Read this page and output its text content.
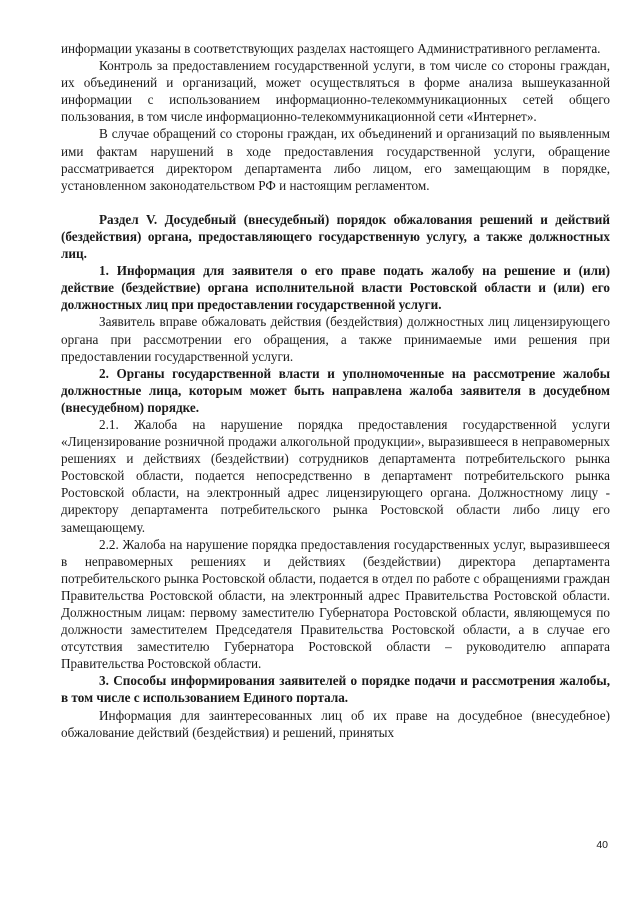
информации указаны в соответствующих разделах настоящего Административного регламента.

Контроль за предоставлением государственной услуги, в том числе со стороны граждан, их объединений и организаций, может осуществляться в форме анализа вышеуказанной информации с использованием информационно-телекоммуникационных сетей общего пользования, в том числе информационно-телекоммуникационной сети «Интернет».

В случае обращений со стороны граждан, их объединений и организаций по выявленным ими фактам нарушений в ходе предоставления государственной услуги, обращение рассматривается директором департамента либо лицом, его замещающим в порядке, установленном законодательством РФ и настоящим регламентом.

Раздел V. Досудебный (внесудебный) порядок обжалования решений и действий (бездействия) органа, предоставляющего государственную услугу, а также должностных лиц.

1. Информация для заявителя о его праве подать жалобу на решение и (или) действие (бездействие) органа исполнительной власти Ростовской области и (или) его должностных лиц при предоставлении государственной услуги.

Заявитель вправе обжаловать действия (бездействия) должностных лиц лицензирующего органа при рассмотрении его обращения, а также принимаемые ими решения при предоставлении государственной услуги.

2. Органы государственной власти и уполномоченные на рассмотрение жалобы должностные лица, которым может быть направлена жалоба заявителя в досудебном (внесудебном) порядке.

2.1. Жалоба на нарушение порядка предоставления государственной услуги «Лицензирование розничной продажи алкогольной продукции», выразившееся в неправомерных решениях и действиях (бездействии) сотрудников департамента потребительского рынка Ростовской области, подается непосредственно в департамент потребительского рынка Ростовской области, на электронный адрес лицензирующего органа. Должностному лицу - директору департамента потребительского рынка Ростовской области либо лицу его замещающему.

2.2. Жалоба на нарушение порядка предоставления государственных услуг, выразившееся в неправомерных решениях и действиях (бездействии) директора департамента потребительского рынка Ростовской области, подается в отдел по работе с обращениями граждан Правительства Ростовской области, на электронный адрес Правительства Ростовской области. Должностным лицам: первому заместителю Губернатора Ростовской области, являющемуся по должности заместителем Председателя Правительства Ростовской области, а в случае его отсутствия заместителю Губернатора Ростовской области – руководителю аппарата Правительства Ростовской области.

3. Способы информирования заявителей о порядке подачи и рассмотрения жалобы, в том числе с использованием Единого портала.

Информация для заинтересованных лиц об их праве на досудебное (внесудебное) обжалование действий (бездействия) и решений, принятых

40
